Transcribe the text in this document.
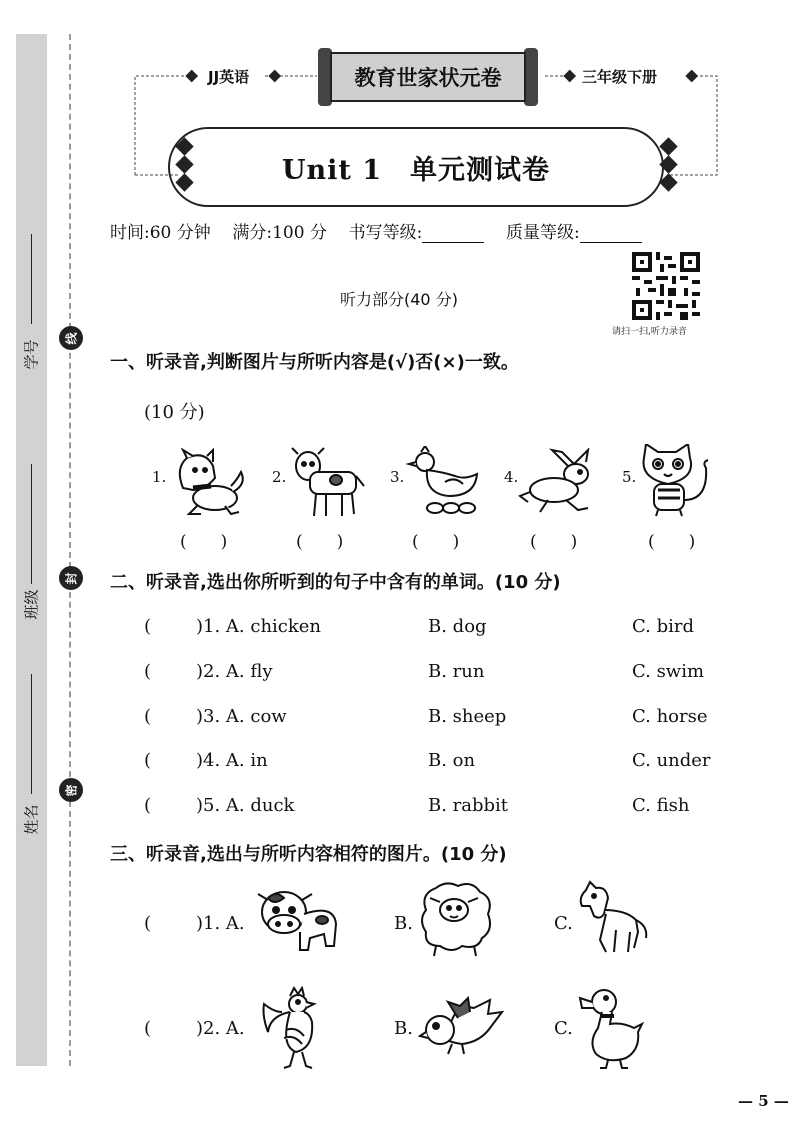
学号
班级
姓名
线
封
密
JJ英语	教育世家状元卷	三年级下册
Unit 1　单元测试卷
时间:60 分钟 满分:100 分 书写等级:	质量等级:
请扫一扫,听力录音
听力部分(40 分)
一、听录音,判断图片与所听内容是(√)否(×)一致。
(10 分)
1.	2.	3.	4.	5.
(　　)	(　　)	(　　)	(　　)	(　　)
二、听录音,选出你所听到的句子中含有的单词。(10 分)
( )1. A. chicken	B. dog	C. bird
( )2. A. fly	B. run	C. swim
( )3. A. cow	B. sheep	C. horse
( )4. A. in	B. on	C. under
( )5. A. duck	B. rabbit	C. fish
三、听录音,选出与所听内容相符的图片。(10 分)
( )1. A.	B.	C.
( )2. A.	B.	C.
— 5 —
